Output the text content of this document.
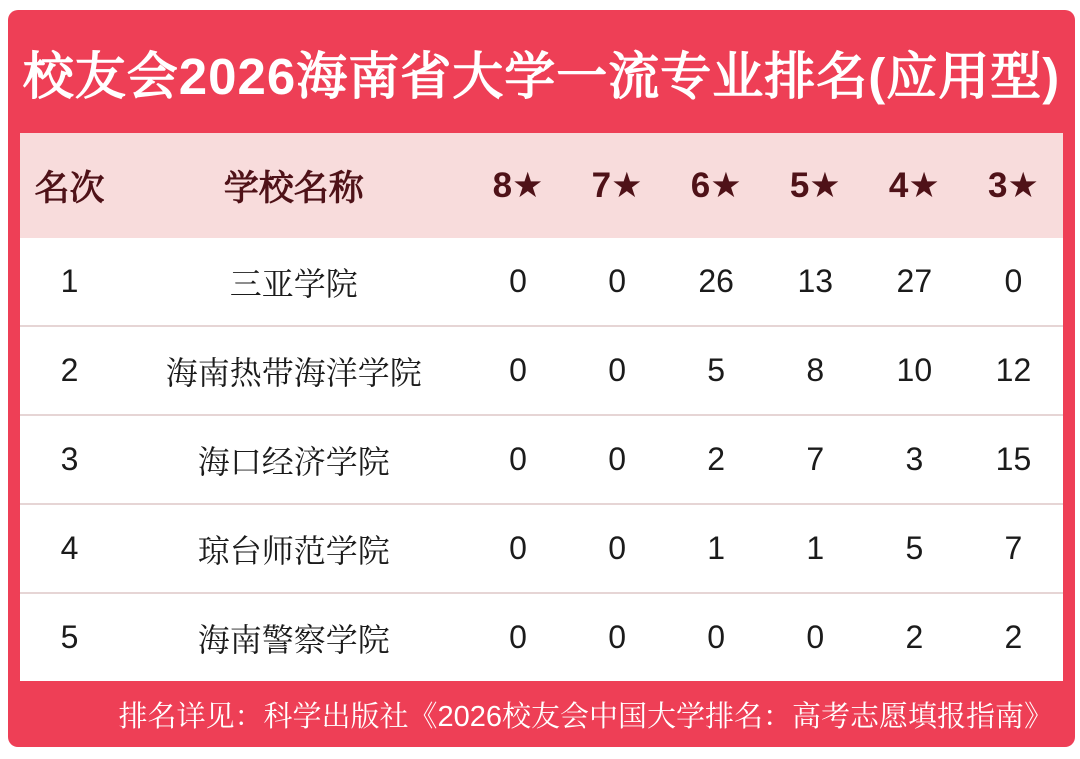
校友会2026海南省大学一流专业排名(应用型)
名次	学校名称	8★	7★	6★	5★	4★	3★
1	三亚学院	0	0	26	13	27	0
2	海南热带海洋学院	0	0	5	8	10	12
3	海口经济学院	0	0	2	7	3	15
4	琼台师范学院	0	0	1	1	5	7
5	海南警察学院	0	0	0	0	2	2
排名详见：科学出版社《2026校友会中国大学排名：高考志愿填报指南》
